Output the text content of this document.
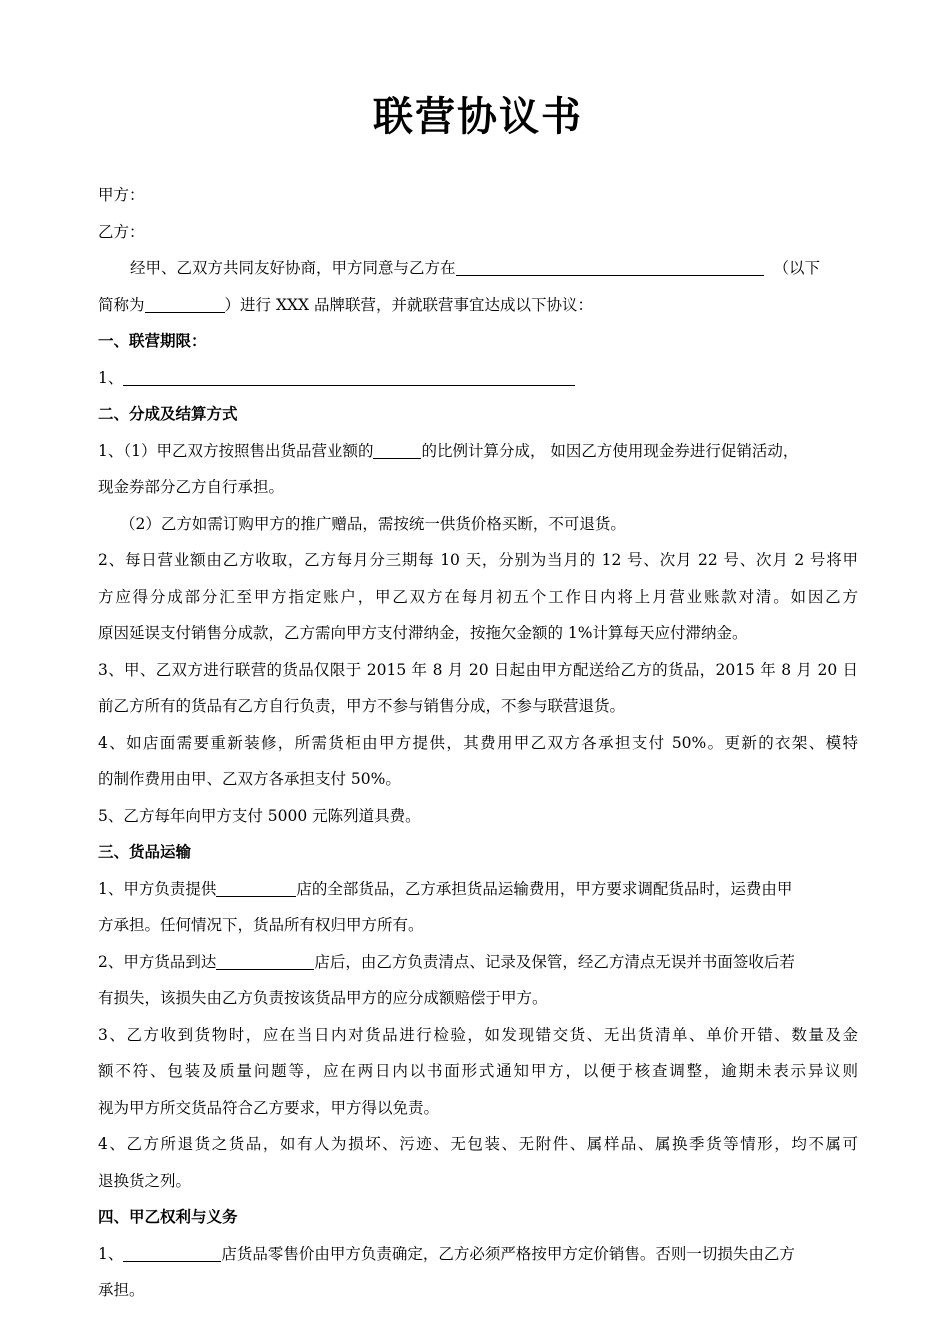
联营协议书
甲方：
乙方：
经甲、乙双方共同友好协商，甲方同意与乙方在	（以下
简称为	）进行 XXX 品牌联营，并就联营事宜达成以下协议：
一、联营期限：
1、
二、分成及结算方式
1、（1）甲乙双方按照售出货品营业额的	的比例计算分成， 如因乙方使用现金券进行促销活动，
现金券部分乙方自行承担。
（2）乙方如需订购甲方的推广赠品，需按统一供货价格买断，不可退货。
2、每日营业额由乙方收取，乙方每月分三期每 10 天，分别为当月的 12 号、次月 22 号、次月 2 号将甲
方应得分成部分汇至甲方指定账户，甲乙双方在每月初五个工作日内将上月营业账款对清。如因乙方
原因延误支付销售分成款，乙方需向甲方支付滞纳金，按拖欠金额的 1%计算每天应付滞纳金。
3、甲、乙双方进行联营的货品仅限于 2015 年 8 月 20 日起由甲方配送给乙方的货品，2015 年 8 月 20 日
前乙方所有的货品有乙方自行负责，甲方不参与销售分成，不参与联营退货。
4、如店面需要重新装修，所需货柜由甲方提供，其费用甲乙双方各承担支付 50%。更新的衣架、模特
的制作费用由甲、乙双方各承担支付 50%。
5、乙方每年向甲方支付 5000 元陈列道具费。
三、货品运输
1、甲方负责提供	店的全部货品，乙方承担货品运输费用，甲方要求调配货品时，运费由甲
方承担。任何情况下，货品所有权归甲方所有。
2、甲方货品到达	店后，由乙方负责清点、记录及保管，经乙方清点无误并书面签收后若
有损失，该损失由乙方负责按该货品甲方的应分成额赔偿于甲方。
3、乙方收到货物时，应在当日内对货品进行检验，如发现错交货、无出货清单、单价开错、数量及金
额不符、包装及质量问题等，应在两日内以书面形式通知甲方，以便于核查调整，逾期未表示异议则
视为甲方所交货品符合乙方要求，甲方得以免责。
4、乙方所退货之货品，如有人为损坏、污迹、无包装、无附件、属样品、属换季货等情形，均不属可
退换货之列。
四、甲乙权利与义务
1、	店货品零售价由甲方负责确定，乙方必须严格按甲方定价销售。否则一切损失由乙方
承担。
